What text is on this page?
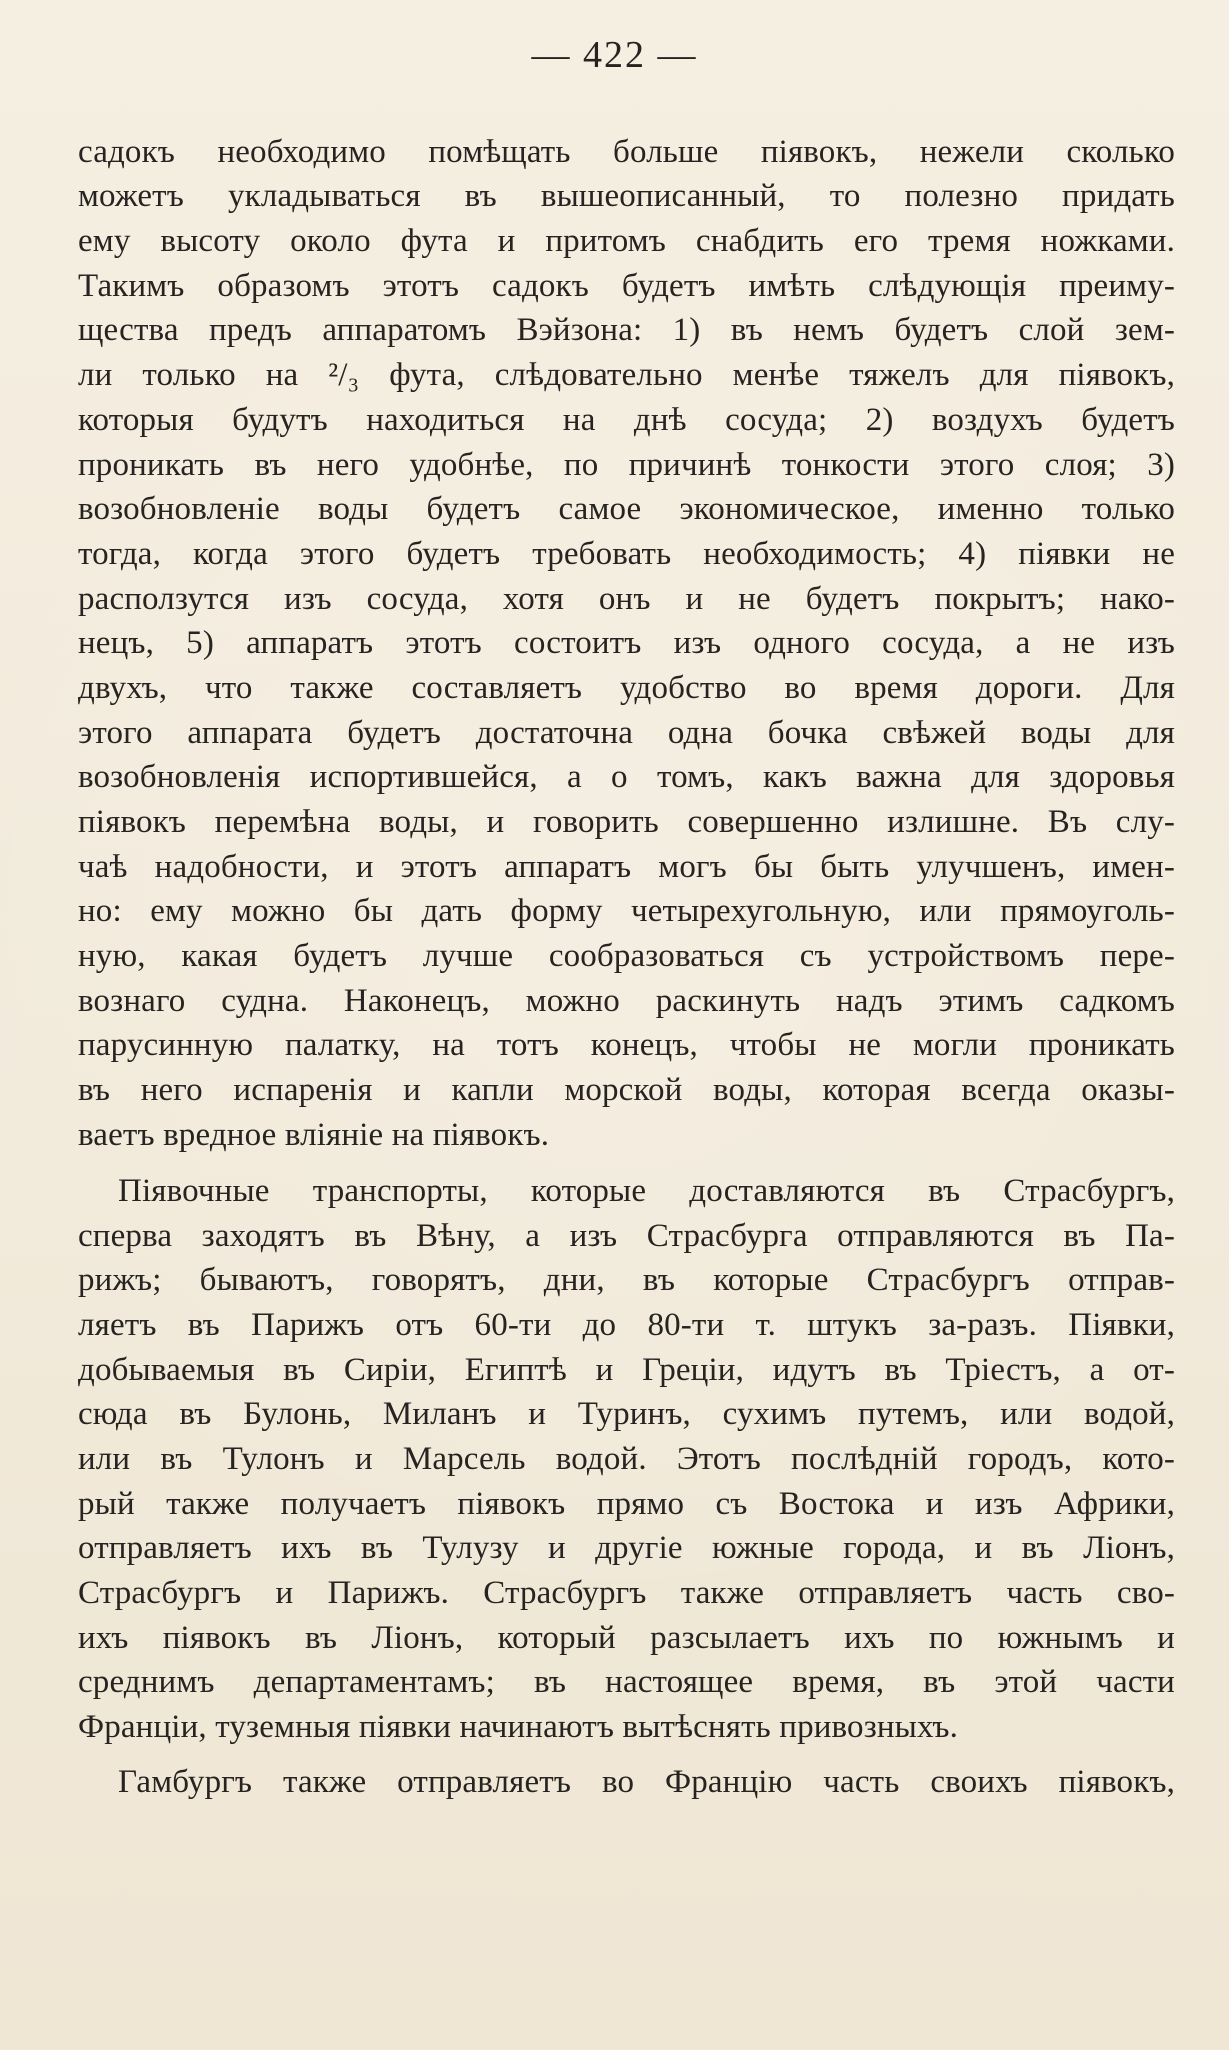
— 422 —
садокъ необходимо помѣщать больше піявокъ, нежели сколько
можетъ укладываться въ вышеописанный, то полезно придать
ему высоту около фута и притомъ снабдить его тремя ножками.
Такимъ образомъ этотъ садокъ будетъ имѣть слѣдующія преиму-
щества предъ аппаратомъ Вэйзона: 1) въ немъ будетъ слой зем-
ли только на ²/₃ фута, слѣдовательно менѣе тяжелъ для піявокъ,
которыя будутъ находиться на днѣ сосуда; 2) воздухъ будетъ
проникать въ него удобнѣе, по причинѣ тонкости этого слоя; 3)
возобновленіе воды будетъ самое экономическое, именно только
тогда, когда этого будетъ требовать необходимость; 4) піявки не
расползутся изъ сосуда, хотя онъ и не будетъ покрытъ; нако-
нецъ, 5) аппаратъ этотъ состоитъ изъ одного сосуда, а не изъ
двухъ, что также составляетъ удобство во время дороги. Для
этого аппарата будетъ достаточна одна бочка свѣжей воды для
возобновленія испортившейся, а о томъ, какъ важна для здоровья
піявокъ перемѣна воды, и говорить совершенно излишне. Въ слу-
чаѣ надобности, и этотъ аппаратъ могъ бы быть улучшенъ, имен-
но: ему можно бы дать форму четырехугольную, или прямоуголь-
ную, какая будетъ лучше сообразоваться съ устройствомъ пере-
вознаго судна. Наконецъ, можно раскинуть надъ этимъ садкомъ
парусинную палатку, на тотъ конецъ, чтобы не могли проникать
въ него испаренія и капли морской воды, которая всегда оказы-
ваетъ вредное вліяніе на піявокъ.
Піявочные транспорты, которые доставляются въ Страсбургъ,
сперва заходятъ въ Вѣну, а изъ Страсбурга отправляются въ Па-
рижъ; бываютъ, говорятъ, дни, въ которые Страсбургъ отправ-
ляетъ въ Парижъ отъ 60-ти до 80-ти т. штукъ за-разъ. Піявки,
добываемыя въ Сиріи, Египтѣ и Греціи, идутъ въ Тріестъ, а от-
сюда въ Булонь, Миланъ и Туринъ, сухимъ путемъ, или водой,
или въ Тулонъ и Марсель водой. Этотъ послѣдній городъ, кото-
рый также получаетъ піявокъ прямо съ Востока и изъ Африки,
отправляетъ ихъ въ Тулузу и другіе южные города, и въ Ліонъ,
Страсбургъ и Парижъ. Страсбургъ также отправляетъ часть сво-
ихъ піявокъ въ Ліонъ, который разсылаетъ ихъ по южнымъ и
среднимъ департаментамъ; въ настоящее время, въ этой части
Франціи, туземныя піявки начинаютъ вытѣснять привозныхъ.
Гамбургъ также отправляетъ во Францію часть своихъ піявокъ,
